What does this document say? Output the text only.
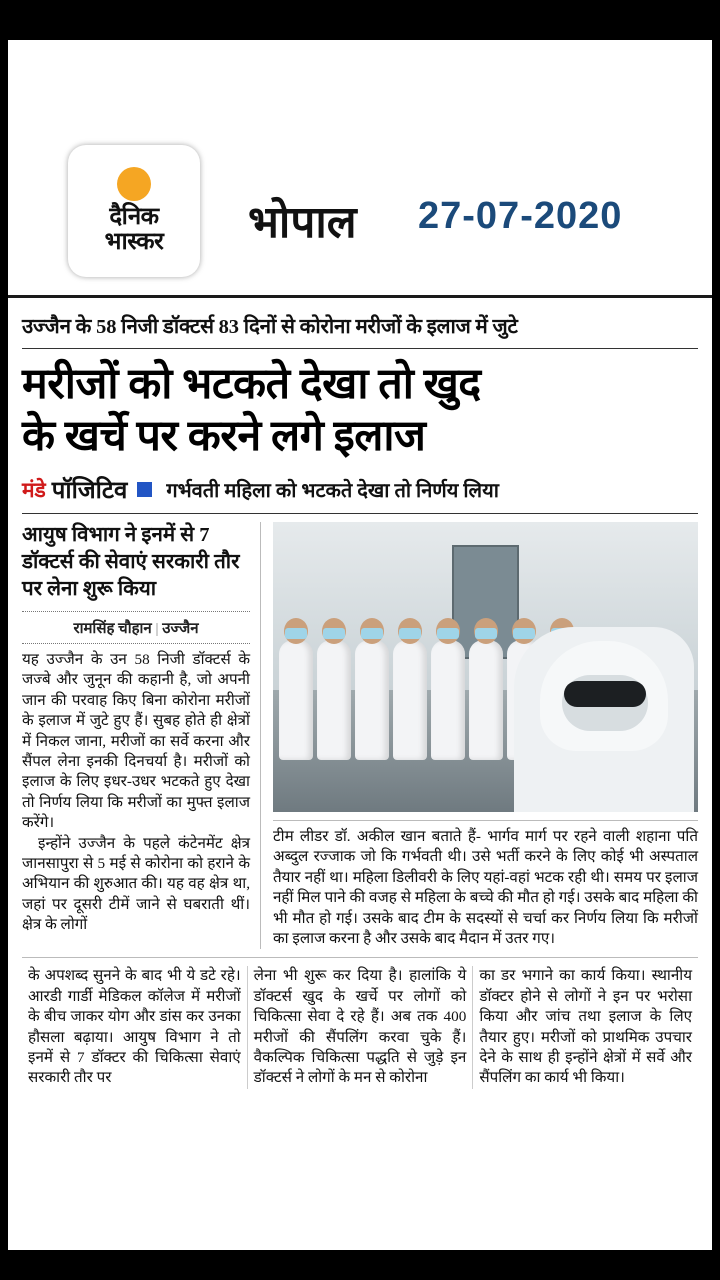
दैनिक
भास्कर भोपाल 27-07-2020
उज्जैन के 58 निजी डॉक्टर्स 83 दिनों से कोरोना मरीजों के इलाज में जुटे
मरीजों को भटकते देखा तो खुद
के खर्चे पर करने लगे इलाज
मंडे पॉजिटिव गर्भवती महिला को भटकते देखा तो निर्णय लिया
आयुष विभाग ने इनमें से 7 डॉक्टर्स की सेवाएं सरकारी तौर पर लेना शुरू किया
रामसिंह चौहान | उज्जैन

यह उज्जैन के उन 58 निजी डॉक्टर्स के जज्बे और जुनून की कहानी है, जो अपनी जान की परवाह किए बिना कोरोना मरीजों के इलाज में जुटे हुए हैं। सुबह होते ही क्षेत्रों में निकल जाना, मरीजों का सर्वे करना और सैंपल लेना इनकी दिनचर्या है। मरीजों को इलाज के लिए इधर-उधर भटकते हुए देखा तो निर्णय लिया कि मरीजों का मुफ्त इलाज करेंगे।

इन्होंने उज्जैन के पहले कंटेनमेंट क्षेत्र जानसापुरा से 5 मई से कोरोना को हराने के अभियान की शुरुआत की। यह वह क्षेत्र था, जहां पर दूसरी टीमें जाने से घबराती थीं। क्षेत्र के लोगों

टीम लीडर डॉ. अकील खान बताते हैं- भार्गव मार्ग पर रहने वाली शहाना पति अब्दुल रज्जाक जो कि गर्भवती थी। उसे भर्ती करने के लिए कोई भी अस्पताल तैयार नहीं था। महिला डिलीवरी के लिए यहां-वहां भटक रही थी। समय पर इलाज नहीं मिल पाने की वजह से महिला के बच्चे की मौत हो गई। उसके बाद महिला की भी मौत हो गई। उसके बाद टीम के सदस्यों से चर्चा कर निर्णय लिया कि मरीजों का इलाज करना है और उसके बाद मैदान में उतर गए।
के अपशब्द सुनने के बाद भी ये डटे रहे। आरडी गार्डी मेडिकल कॉलेज में मरीजों के बीच जाकर योग और डांस कर उनका हौसला बढ़ाया। आयुष विभाग ने तो इनमें से 7 डॉक्टर की चिकित्सा सेवाएं सरकारी तौर पर
लेना भी शुरू कर दिया है। हालांकि ये डॉक्टर्स खुद के खर्चे पर लोगों को चिकित्सा सेवा दे रहे हैं। अब तक 400 मरीजों की सैंपलिंग करवा चुके हैं। वैकल्पिक चिकित्सा पद्धति से जुड़े इन डॉक्टर्स ने लोगों के मन से कोरोना
का डर भगाने का कार्य किया। स्थानीय डॉक्टर होने से लोगों ने इन पर भरोसा किया और जांच तथा इलाज के लिए तैयार हुए। मरीजों को प्राथमिक उपचार देने के साथ ही इन्होंने क्षेत्रों में सर्वे और सैंपलिंग का कार्य भी किया।
